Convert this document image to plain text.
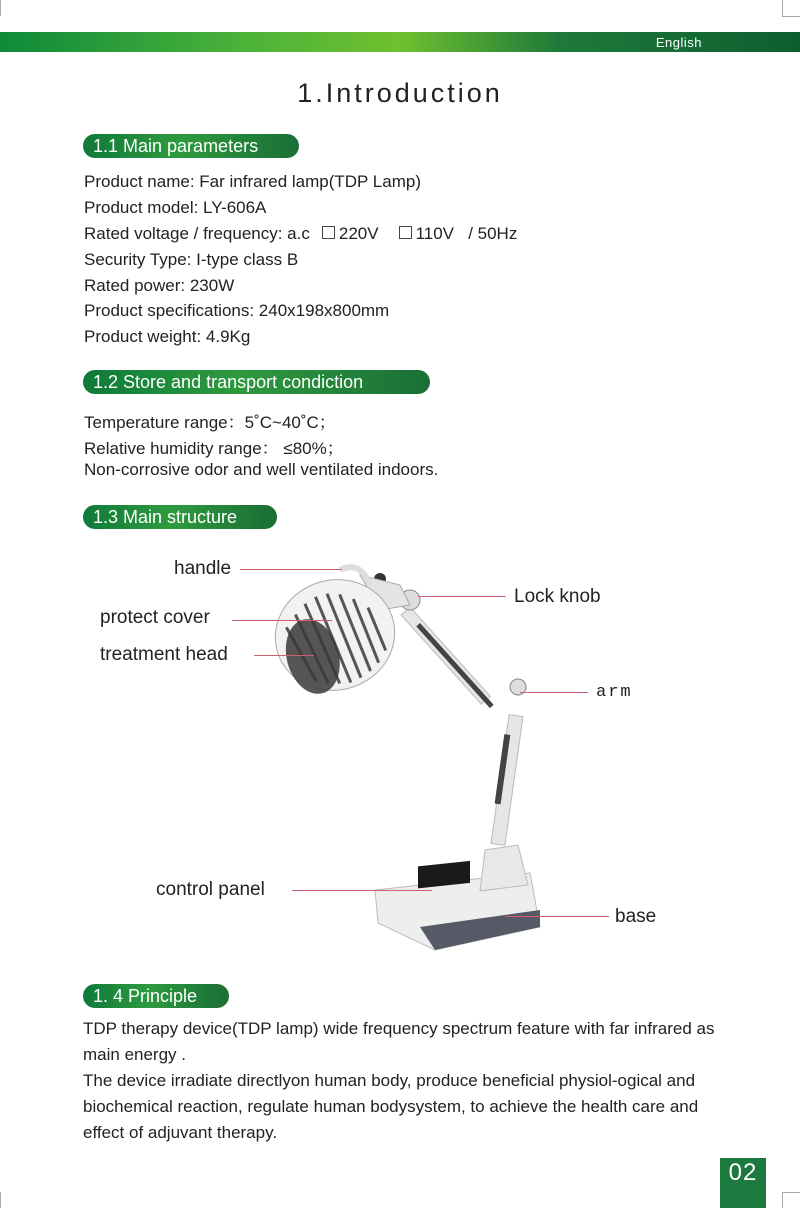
English
1.Introduction
1.1 Main parameters
Product name: Far infrared lamp(TDP Lamp)
Product model: LY-606A
Rated voltage / frequency: a.c 220V 110V / 50Hz
Security Type: I-type class B
Rated power: 230W
Product specifications: 240x198x800mm
Product weight: 4.9Kg
1.2 Store and transport condiction
Temperature range：5˚C~40˚C；
Relative humidity range： ≤80%；
Non-corrosive odor and well ventilated indoors.
1.3 Main structure
handle
protect cover
treatment head
Lock knob
arm
control panel
base
1. 4 Principle
TDP therapy device(TDP lamp) wide frequency spectrum feature with far infrared as main energy .
The device irradiate directlyon human body, produce beneficial physiol-ogical and biochemical reaction, regulate human bodysystem, to achieve the health care and effect of adjuvant therapy.
02
